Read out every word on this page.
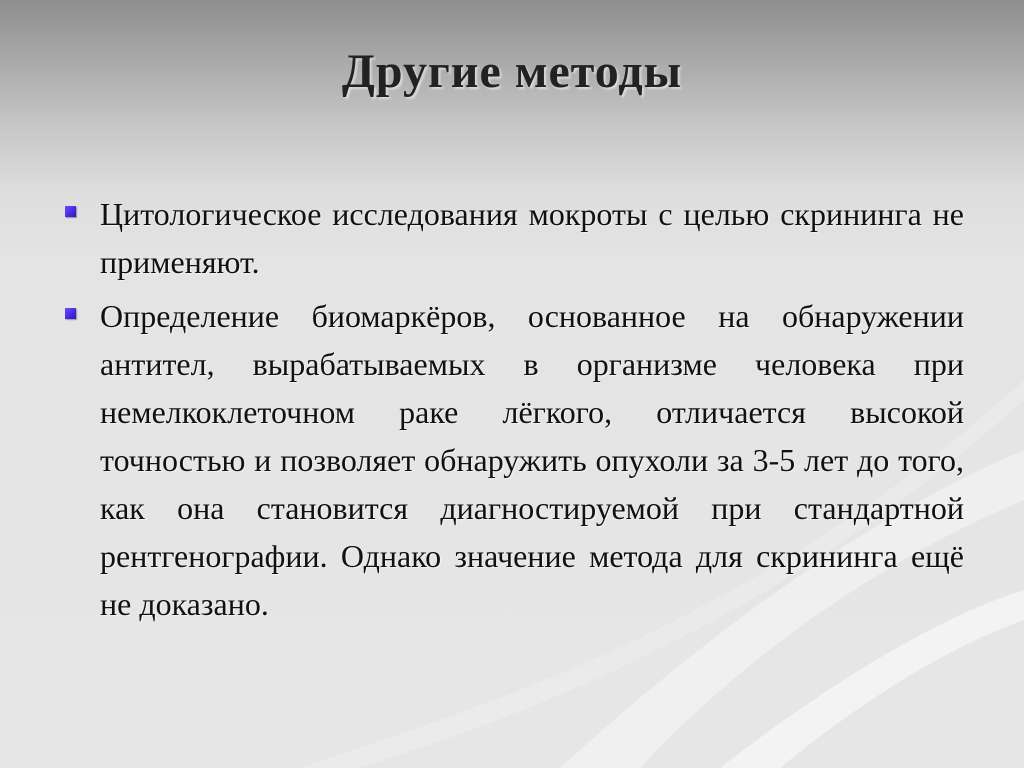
Другие методы
Цитологическое исследования мокроты с целью скрининга не применяют.
Определение биомаркёров, основанное на обнаружении антител, вырабатываемых в организме человека при немелкоклеточном раке лёгкого, отличается высокой точностью и позволяет обнаружить опухоли за 3-5 лет до того, как она становится диагностируемой при стандартной рентгенографии. Однако значение метода для скрининга ещё не доказано.
